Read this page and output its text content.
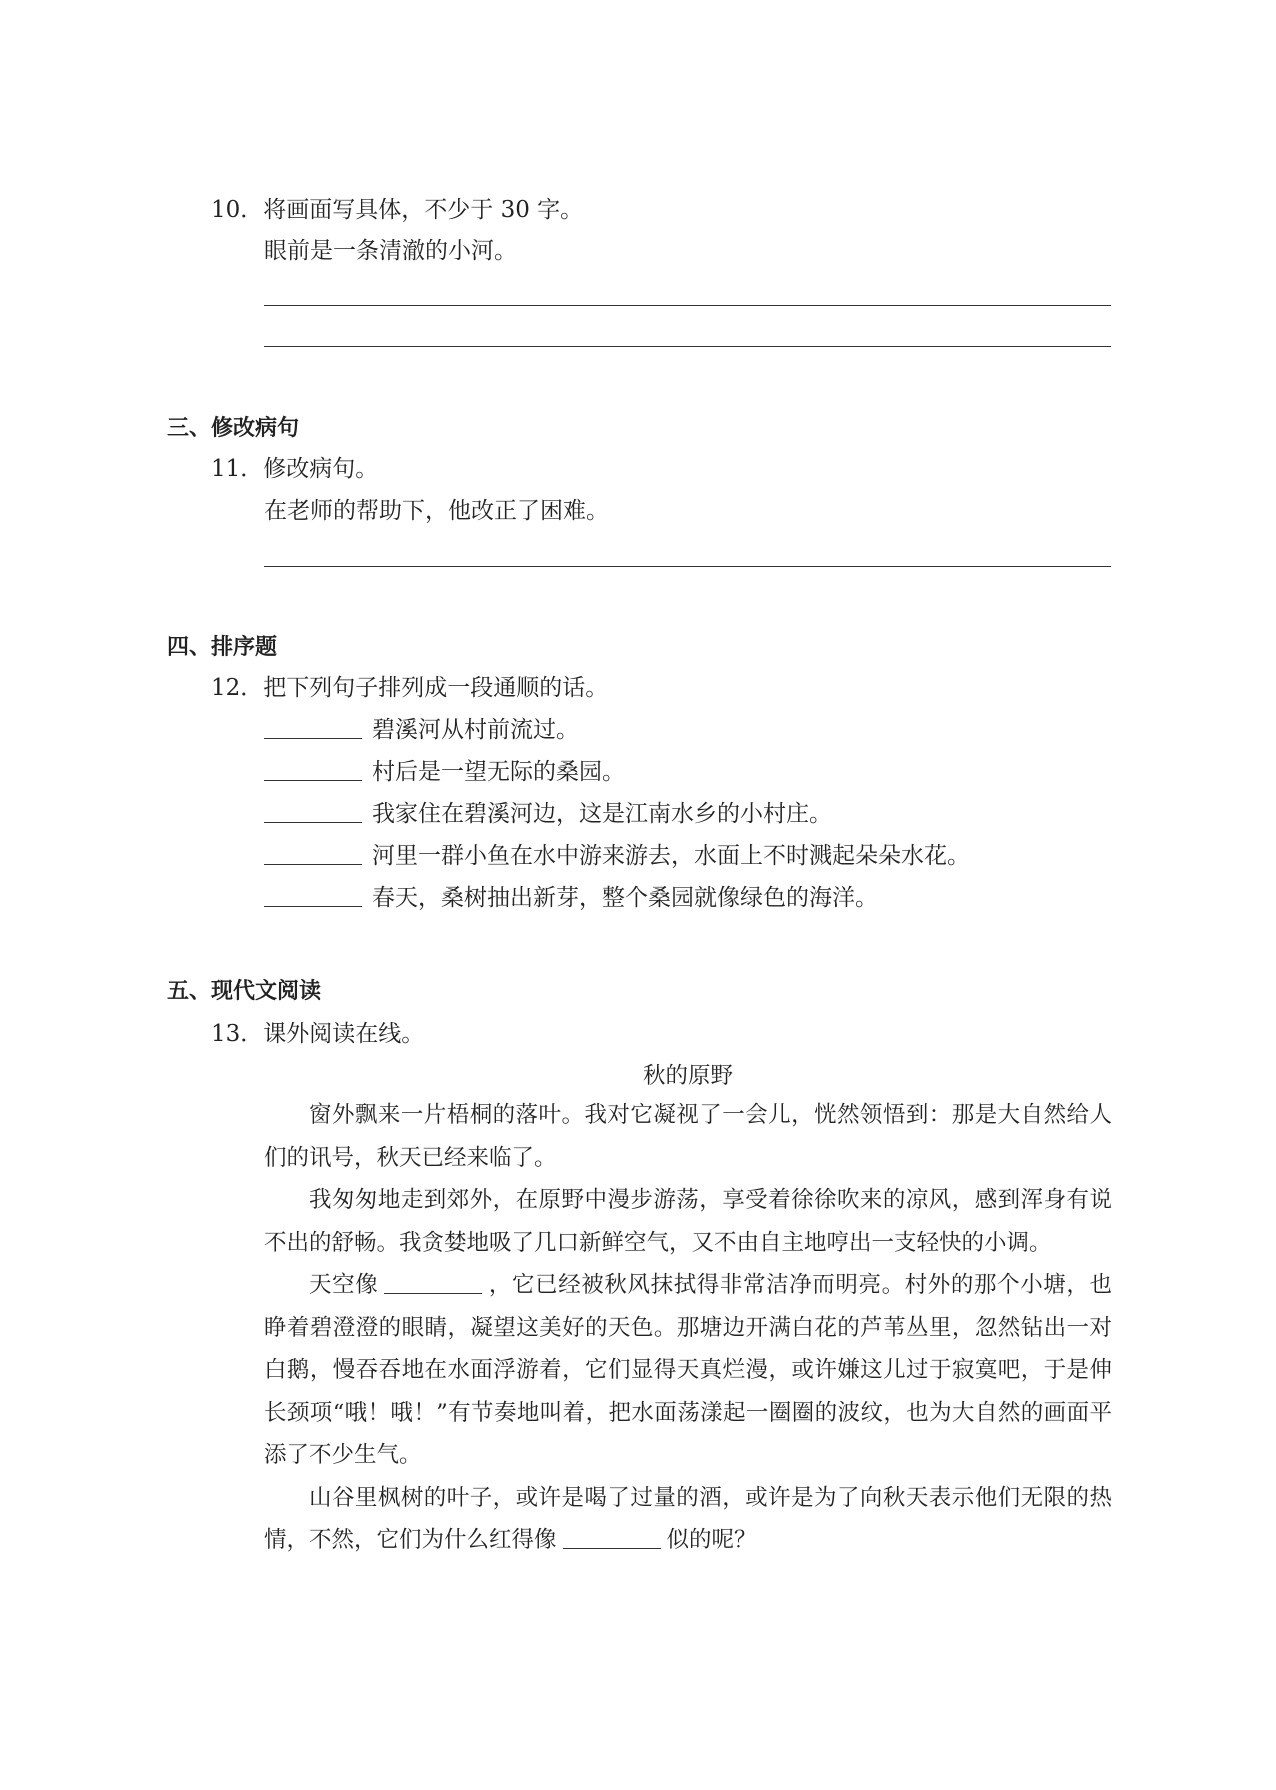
10．将画面写具体，不少于 30 字。
眼前是一条清澈的小河。
三、修改病句
11．修改病句。
在老师的帮助下，他改正了困难。
四、排序题
12．把下列句子排列成一段通顺的话。
碧溪河从村前流过。
村后是一望无际的桑园。
我家住在碧溪河边，这是江南水乡的小村庄。
河里一群小鱼在水中游来游去，水面上不时溅起朵朵水花。
春天，桑树抽出新芽，整个桑园就像绿色的海洋。
五、现代文阅读
13．课外阅读在线。
秋的原野

窗外飘来一片梧桐的落叶。我对它凝视了一会儿，恍然领悟到：那是大自然给人们的讯号，秋天已经来临了。

我匆匆地走到郊外，在原野中漫步游荡，享受着徐徐吹来的凉风，感到浑身有说不出的舒畅。我贪婪地吸了几口新鲜空气，又不由自主地哼出一支轻快的小调。

天空像	，它已经被秋风抹拭得非常洁净而明亮。村外的那个小塘，也睁着碧澄澄的眼睛，凝望这美好的天色。那塘边开满白花的芦苇丛里，忽然钻出一对白鹅，慢吞吞地在水面浮游着，它们显得天真烂漫，或许嫌这儿过于寂寞吧，于是伸长颈项“哦！哦！”有节奏地叫着，把水面荡漾起一圈圈的波纹，也为大自然的画面平添了不少生气。

山谷里枫树的叶子，或许是喝了过量的酒，或许是为了向秋天表示他们无限的热情，不然，它们为什么红得像	似的呢？
